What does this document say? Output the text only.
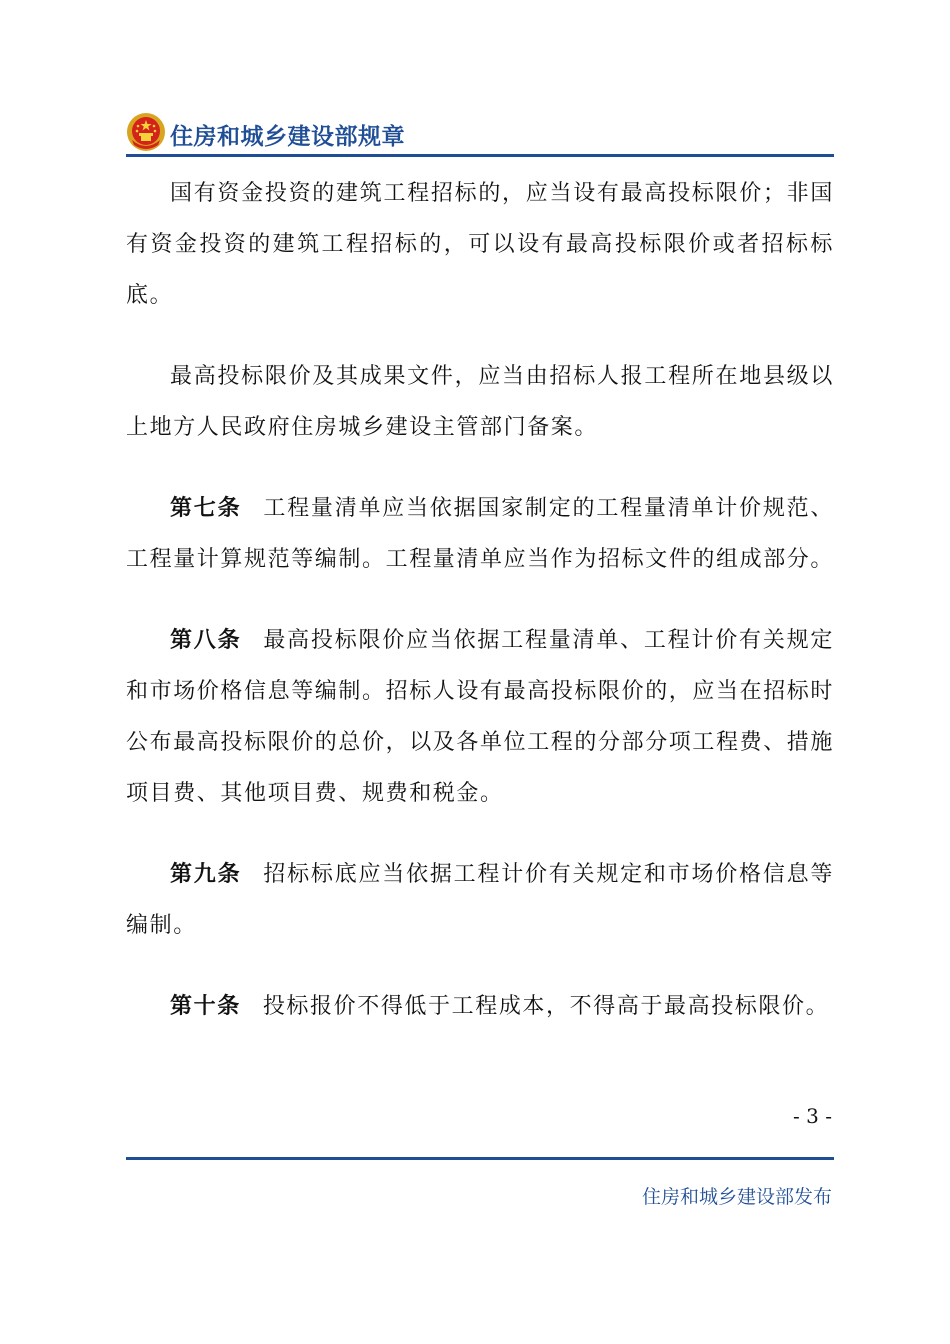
住房和城乡建设部规章

国有资金投资的建筑工程招标的，应当设有最高投标限价；非国有资金投资的建筑工程招标的，可以设有最高投标限价或者招标标底。

最高投标限价及其成果文件，应当由招标人报工程所在地县级以上地方人民政府住房城乡建设主管部门备案。

第七条 工程量清单应当依据国家制定的工程量清单计价规范、工程量计算规范等编制。工程量清单应当作为招标文件的组成部分。

第八条 最高投标限价应当依据工程量清单、工程计价有关规定和市场价格信息等编制。招标人设有最高投标限价的，应当在招标时公布最高投标限价的总价，以及各单位工程的分部分项工程费、措施项目费、其他项目费、规费和税金。

第九条 招标标底应当依据工程计价有关规定和市场价格信息等编制。

第十条 投标报价不得低于工程成本，不得高于最高投标限价。

- 3 -
住房和城乡建设部发布
